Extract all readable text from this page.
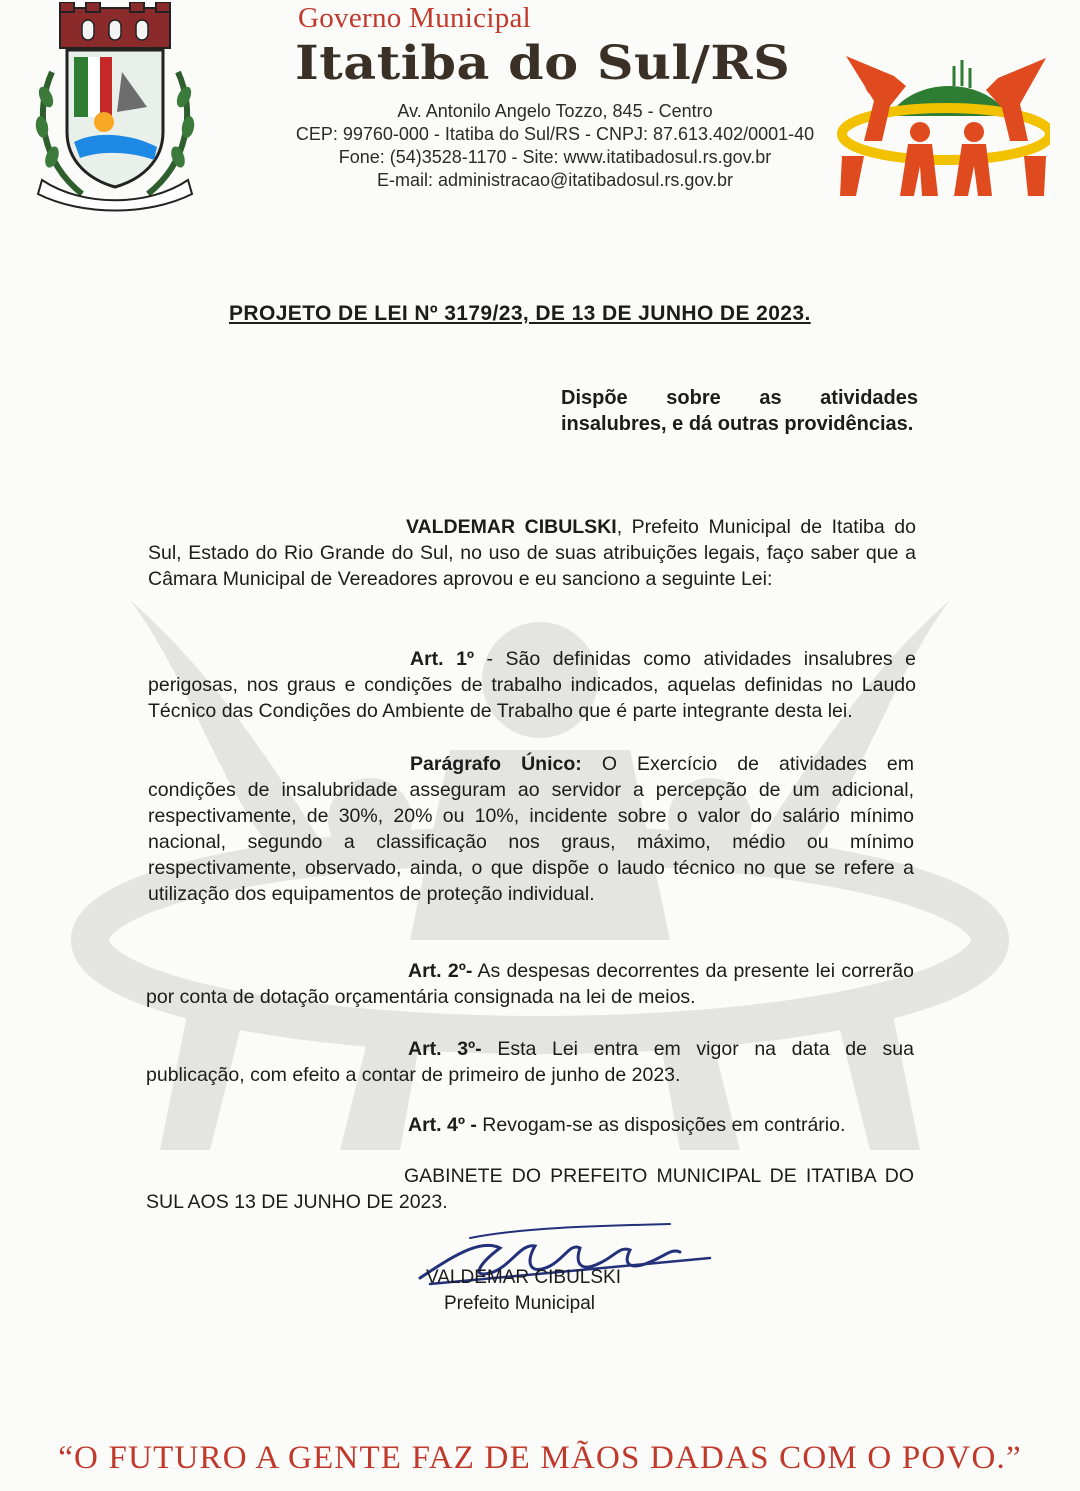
Governo Municipal
Itatiba do Sul/RS
Av. Antonilo Angelo Tozzo, 845 - Centro
CEP: 99760-000 - Itatiba do Sul/RS - CNPJ: 87.613.402/0001-40
Fone: (54)3528-1170 - Site: www.itatibadosul.rs.gov.br
E-mail: administracao@itatibadosul.rs.gov.br
PROJETO DE LEI Nº 3179/23, DE 13 DE JUNHO DE 2023.
Dispõe sobre as atividades insalubres, e dá outras providências.
VALDEMAR CIBULSKI, Prefeito Municipal de Itatiba do Sul, Estado do Rio Grande do Sul, no uso de suas atribuições legais, faço saber que a Câmara Municipal de Vereadores aprovou e eu sanciono a seguinte Lei:
Art. 1º - São definidas como atividades insalubres e perigosas, nos graus e condições de trabalho indicados, aquelas definidas no Laudo Técnico das Condições do Ambiente de Trabalho que é parte integrante desta lei.
Parágrafo Único: O Exercício de atividades em condições de insalubridade asseguram ao servidor a percepção de um adicional, respectivamente, de 30%, 20% ou 10%, incidente sobre o valor do salário mínimo nacional, segundo a classificação nos graus, máximo, médio ou mínimo respectivamente, observado, ainda, o que dispõe o laudo técnico no que se refere a utilização dos equipamentos de proteção individual.
Art. 2º- As despesas decorrentes da presente lei correrão por conta de dotação orçamentária consignada na lei de meios.
Art. 3º- Esta Lei entra em vigor na data de sua publicação, com efeito a contar de primeiro de junho de 2023.
Art. 4º - Revogam-se as disposições em contrário.
GABINETE DO PREFEITO MUNICIPAL DE ITATIBA DO SUL AOS 13 DE JUNHO DE 2023.
VALDEMAR CIBULSKI
Prefeito Municipal
“O FUTURO A GENTE FAZ DE MÃOS DADAS COM O POVO.”
